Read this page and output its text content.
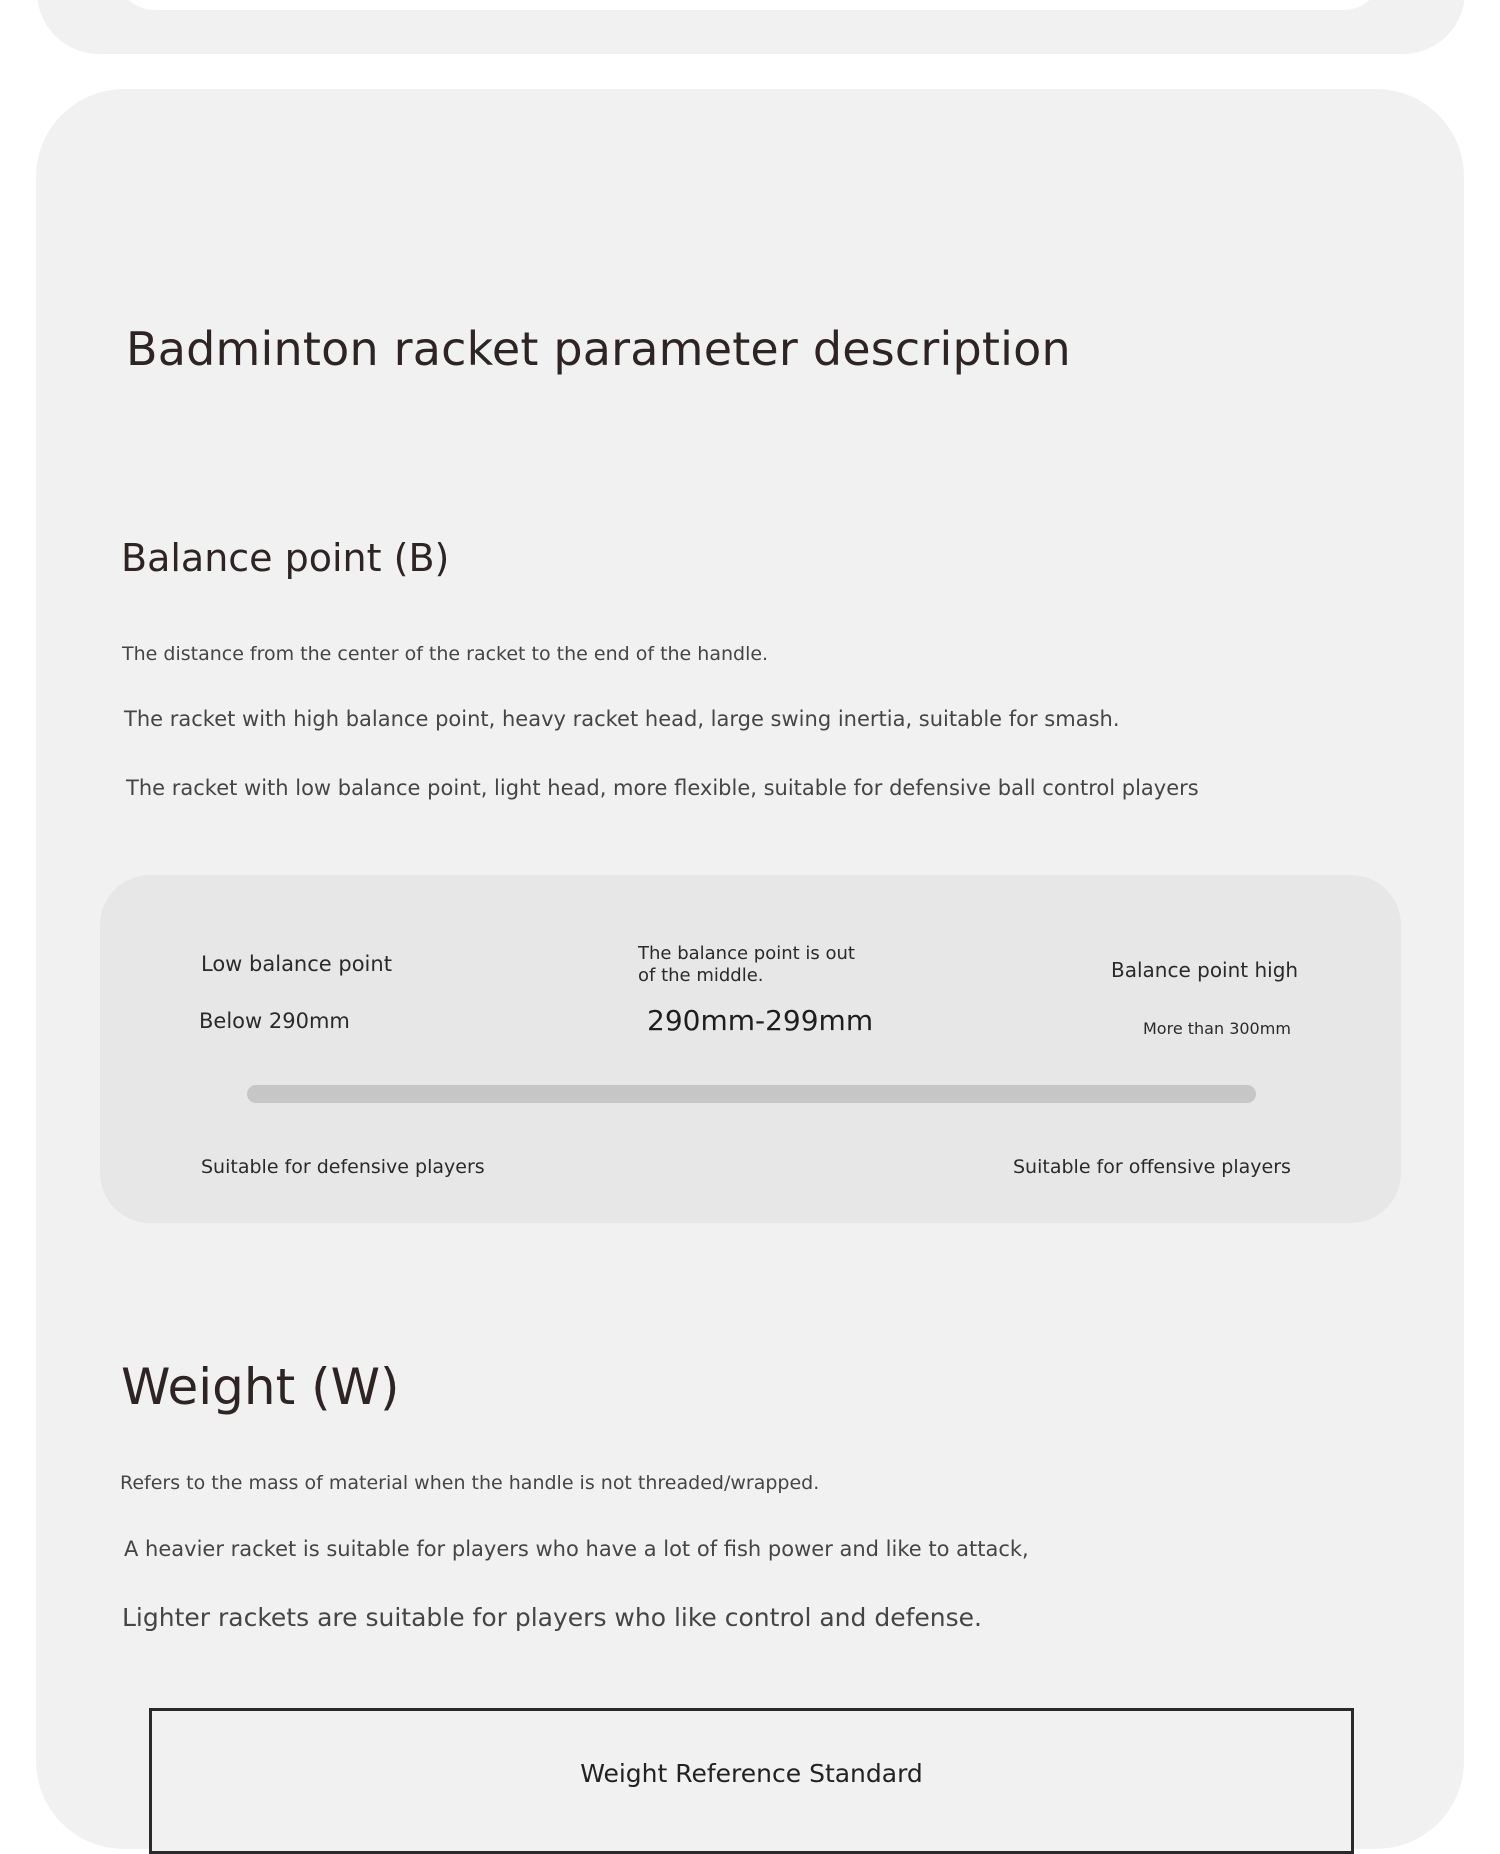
Badminton racket parameter description
Balance point (B)

The distance from the center of the racket to the end of the handle.

The racket with high balance point, heavy racket head, large swing inertia, suitable for smash.

The racket with low balance point, light head, more flexible, suitable for defensive ball control players

Low balance point
Below 290mm
The balance point is out
of the middle.
290mm-299mm
Balance point high
More than 300mm
Suitable for defensive players	Suitable for offensive players
Weight (W)

Refers to the mass of material when the handle is not threaded/wrapped.

A heavier racket is suitable for players who have a lot of fish power and like to attack,

Lighter rackets are suitable for players who like control and defense.

Weight Reference Standard
